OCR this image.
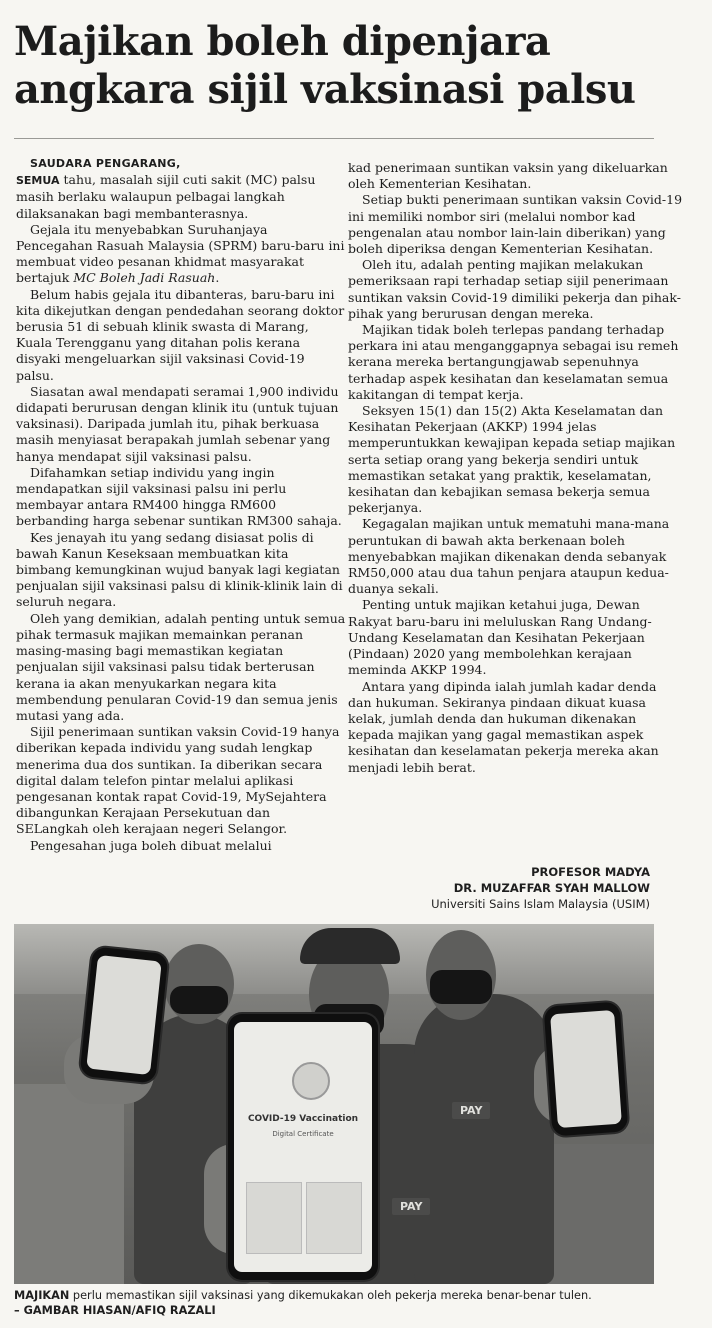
Majikan boleh dipenjara
angkara sijil vaksinasi palsu

SAUDARA PENGARANG,

SEMUA tahu, masalah sijil cuti sakit (MC) palsu masih berlaku walaupun pelbagai langkah dilaksanakan bagi membanterasnya.

Gejala itu menyebabkan Suruhanjaya Pencegahan Rasuah Malaysia (SPRM) baru-baru ini membuat video pesanan khidmat masyarakat bertajuk MC Boleh Jadi Rasuah.

Belum habis gejala itu dibanteras, baru-baru ini kita dikejutkan dengan pendedahan seorang doktor berusia 51 di sebuah klinik swasta di Marang, Kuala Terengganu yang ditahan polis kerana disyaki mengeluarkan sijil vaksinasi Covid-19 palsu.

Siasatan awal mendapati seramai 1,900 individu didapati berurusan dengan klinik itu (untuk tujuan vaksinasi). Daripada jumlah itu, pihak berkuasa masih menyiasat berapakah jumlah sebenar yang hanya mendapat sijil vaksinasi palsu.

Difahamkan setiap individu yang ingin mendapatkan sijil vaksinasi palsu ini perlu membayar antara RM400 hingga RM600 berbanding harga sebenar suntikan RM300 sahaja.

Kes jenayah itu yang sedang disiasat polis di bawah Kanun Keseksaan membuatkan kita bimbang kemungkinan wujud banyak lagi kegiatan penjualan sijil vaksinasi palsu di klinik-klinik lain di seluruh negara.

Oleh yang demikian, adalah penting untuk semua pihak termasuk majikan memainkan peranan masing-masing bagi memastikan kegiatan penjualan sijil vaksinasi palsu tidak berterusan kerana ia akan menyukarkan negara kita membendung penularan Covid-19 dan semua jenis mutasi yang ada.

Sijil penerimaan suntikan vaksin Covid-19 hanya diberikan kepada individu yang sudah lengkap menerima dua dos suntikan. Ia diberikan secara digital dalam telefon pintar melalui aplikasi pengesanan kontak rapat Covid-19, MySejahtera dibangunkan Kerajaan Persekutuan dan SELangkah oleh kerajaan negeri Selangor.

Pengesahan juga boleh dibuat melalui

kad penerimaan suntikan vaksin yang dikeluarkan oleh Kementerian Kesihatan.

Setiap bukti penerimaan suntikan vaksin Covid-19 ini memiliki nombor siri (melalui nombor kad pengenalan atau nombor lain-lain diberikan) yang boleh diperiksa dengan Kementerian Kesihatan.

Oleh itu, adalah penting majikan melakukan pemeriksaan rapi terhadap setiap sijil penerimaan suntikan vaksin Covid-19 dimiliki pekerja dan pihak-pihak yang berurusan dengan mereka.

Majikan tidak boleh terlepas pandang terhadap perkara ini atau menganggapnya sebagai isu remeh kerana mereka bertangungjawab sepenuhnya terhadap aspek kesihatan dan keselamatan semua kakitangan di tempat kerja.

Seksyen 15(1) dan 15(2) Akta Keselamatan dan Kesihatan Pekerjaan (AKKP) 1994 jelas memperuntukkan kewajipan kepada setiap majikan serta setiap orang yang bekerja sendiri untuk memastikan setakat yang praktik, keselamatan, kesihatan dan kebajikan semasa bekerja semua pekerjanya.

Kegagalan majikan untuk mematuhi mana-mana peruntukan di bawah akta berkenaan boleh menyebabkan majikan dikenakan denda sebanyak RM50,000 atau dua tahun penjara ataupun kedua-duanya sekali.

Penting untuk majikan ketahui juga, Dewan Rakyat baru-baru ini meluluskan Rang Undang-Undang Keselamatan dan Kesihatan Pekerjaan (Pindaan) 2020 yang membolehkan kerajaan meminda AKKP 1994.

Antara yang dipinda ialah jumlah kadar denda dan hukuman. Sekiranya pindaan dikuat kuasa kelak, jumlah denda dan hukuman dikenakan kepada majikan yang gagal memastikan aspek kesihatan dan keselamatan pekerja mereka akan menjadi lebih berat.

PROFESOR MADYA
DR. MUZAFFAR SYAH MALLOW
Universiti Sains Islam Malaysia (USIM)
PAY
PAY
COVID-19 Vaccination
Digital Certificate
MAJIKAN perlu memastikan sijil vaksinasi yang dikemukakan oleh pekerja mereka benar-benar tulen.
– GAMBAR HIASAN/AFIQ RAZALI
